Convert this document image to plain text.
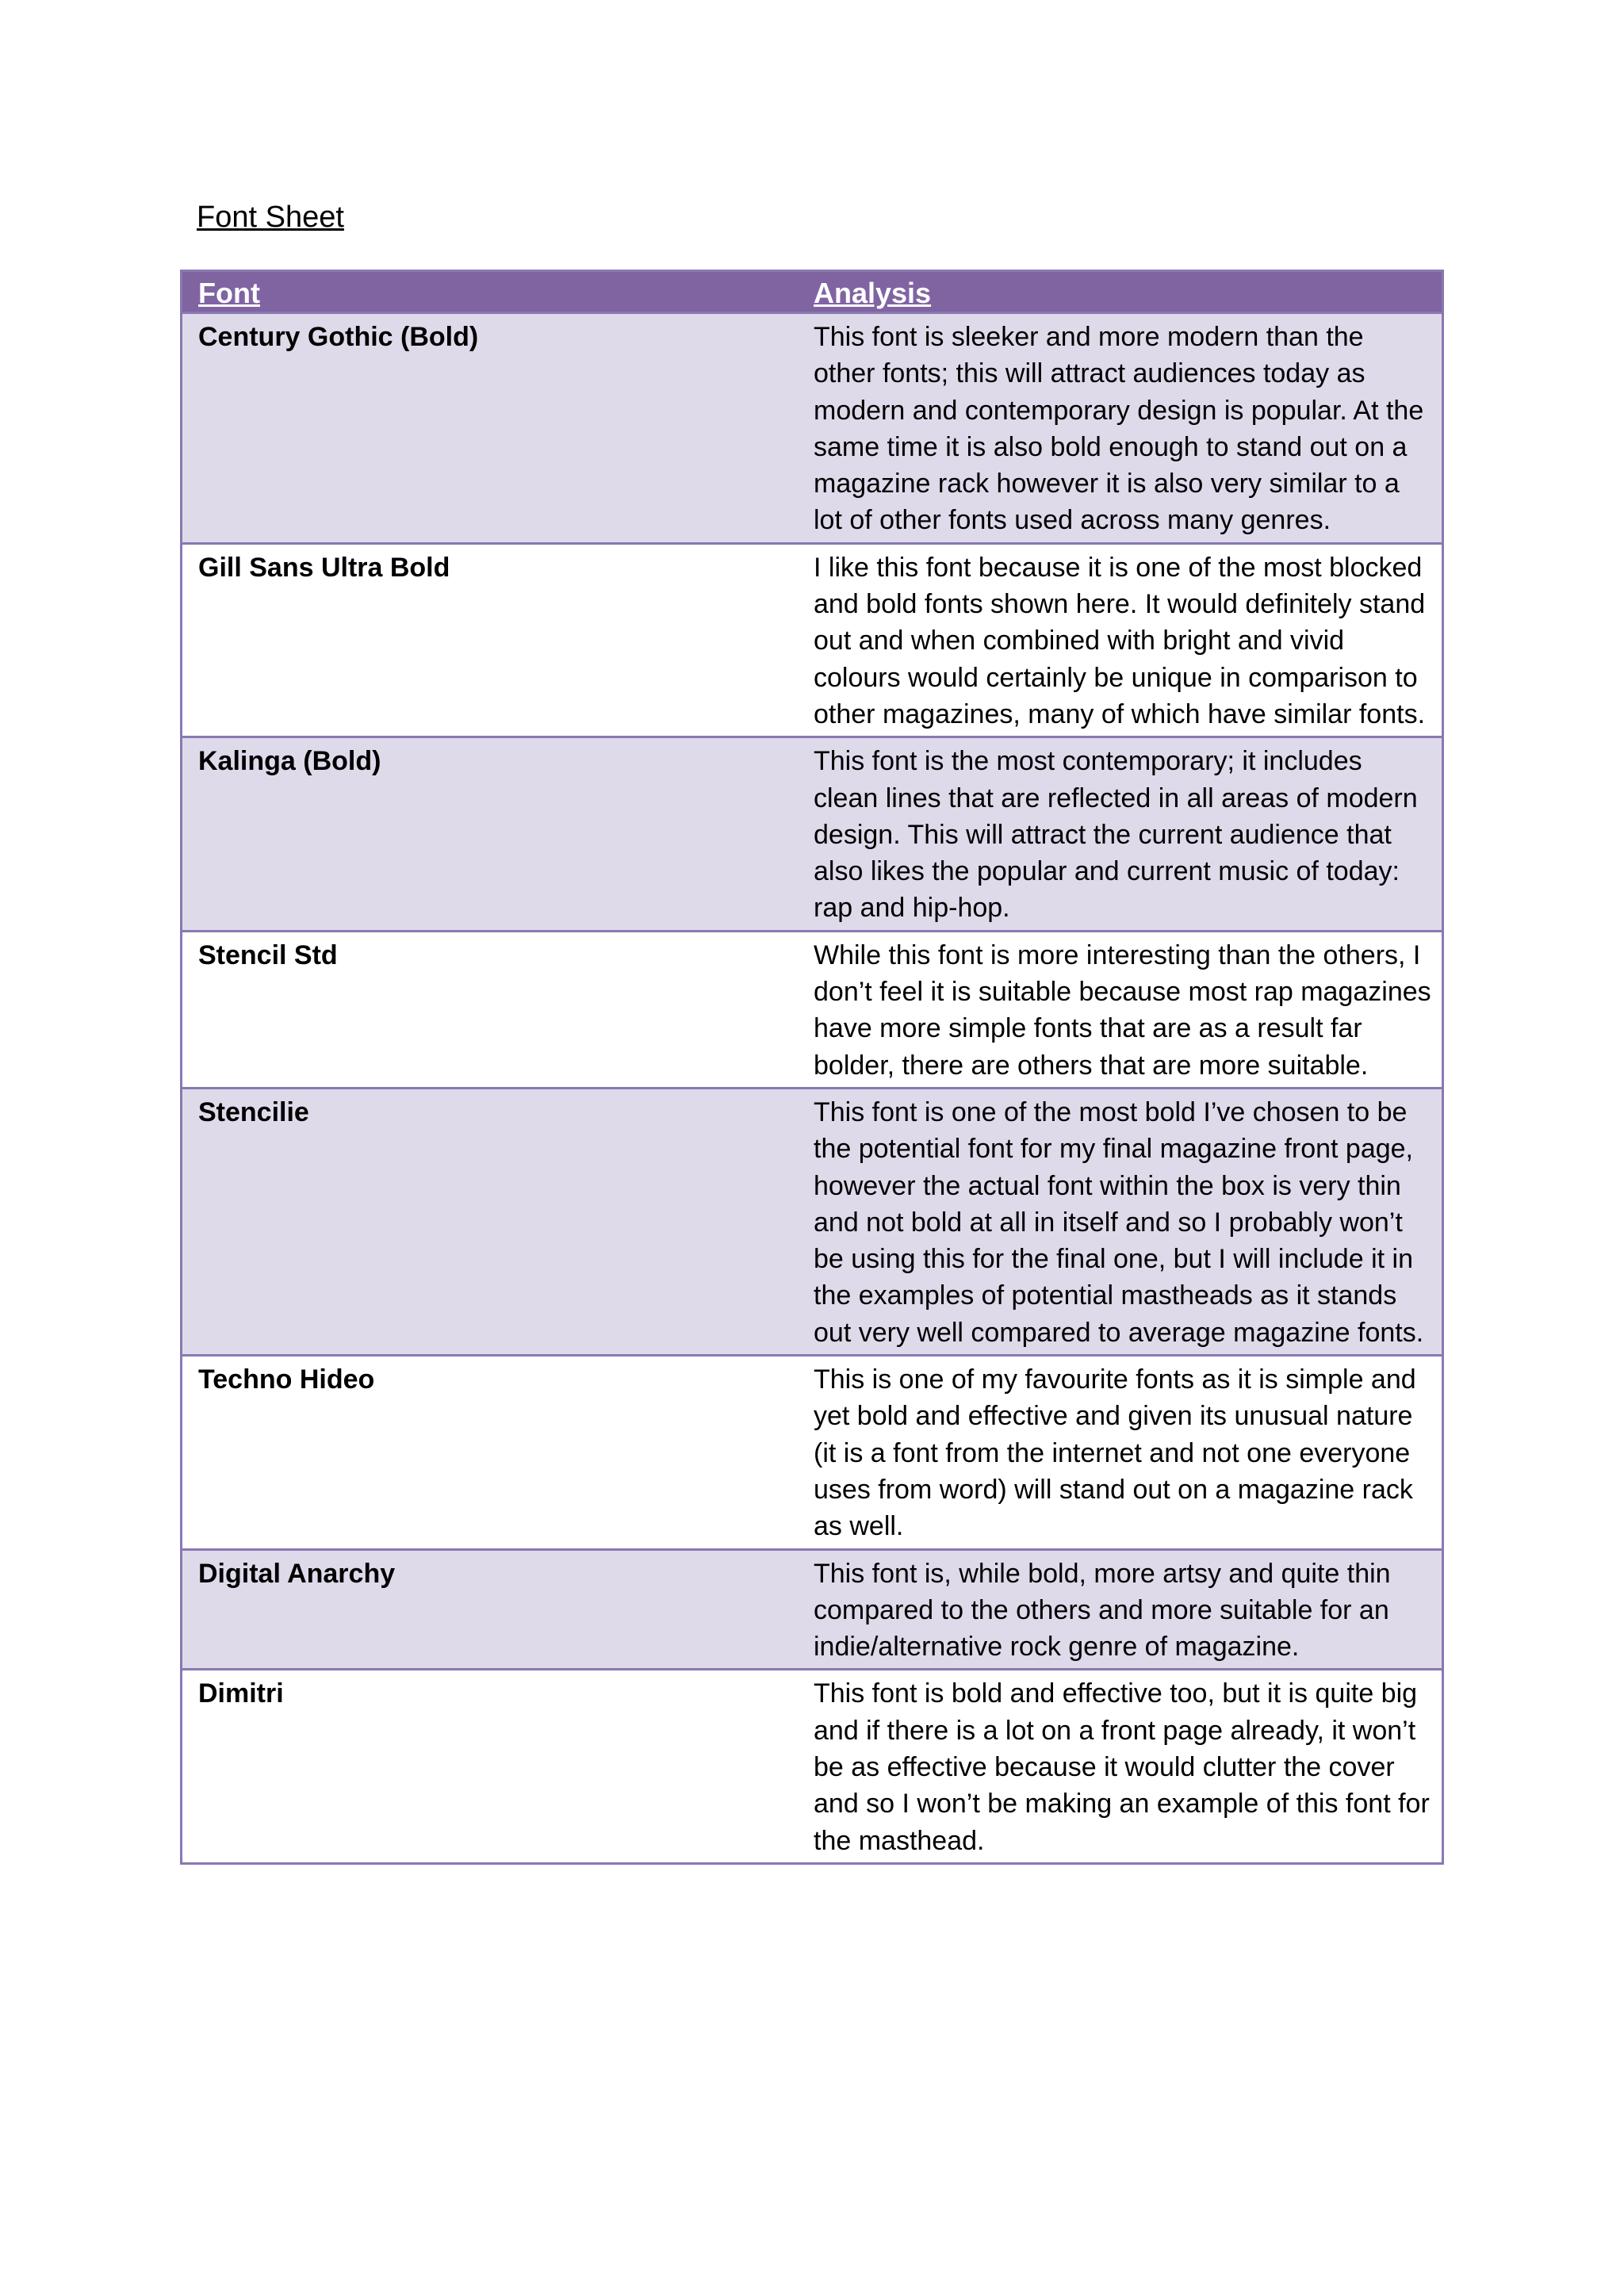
Font Sheet
Font	Analysis
Century Gothic (Bold)	This font is sleeker and more modern than the other fonts; this will attract audiences today as modern and contemporary design is popular. At the same time it is also bold enough to stand out on a magazine rack however it is also very similar to a lot of other fonts used across many genres.
Gill Sans Ultra Bold	I like this font because it is one of the most blocked and bold fonts shown here. It would definitely stand out and when combined with bright and vivid colours would certainly be unique in comparison to other magazines, many of which have similar fonts.
Kalinga (Bold)	This font is the most contemporary; it includes clean lines that are reflected in all areas of modern design. This will attract the current audience that also likes the popular and current music of today: rap and hip-hop.
Stencil Std	While this font is more interesting than the others, I don’t feel it is suitable because most rap magazines have more simple fonts that are as a result far bolder, there are others that are more suitable.
Stencilie	This font is one of the most bold I’ve chosen to be the potential font for my final magazine front page, however the actual font within the box is very thin and not bold at all in itself and so I probably won’t be using this for the final one, but I will include it in the examples of potential mastheads as it stands out very well compared to average magazine fonts.
Techno Hideo	This is one of my favourite fonts as it is simple and yet bold and effective and given its unusual nature (it is a font from the internet and not one everyone uses from word) will stand out on a magazine rack as well.
Digital Anarchy	This font is, while bold, more artsy and quite thin compared to the others and more suitable for an indie/alternative rock genre of magazine.
Dimitri	This font is bold and effective too, but it is quite big and if there is a lot on a front page already, it won’t be as effective because it would clutter the cover and so I won’t be making an example of this font for the masthead.
